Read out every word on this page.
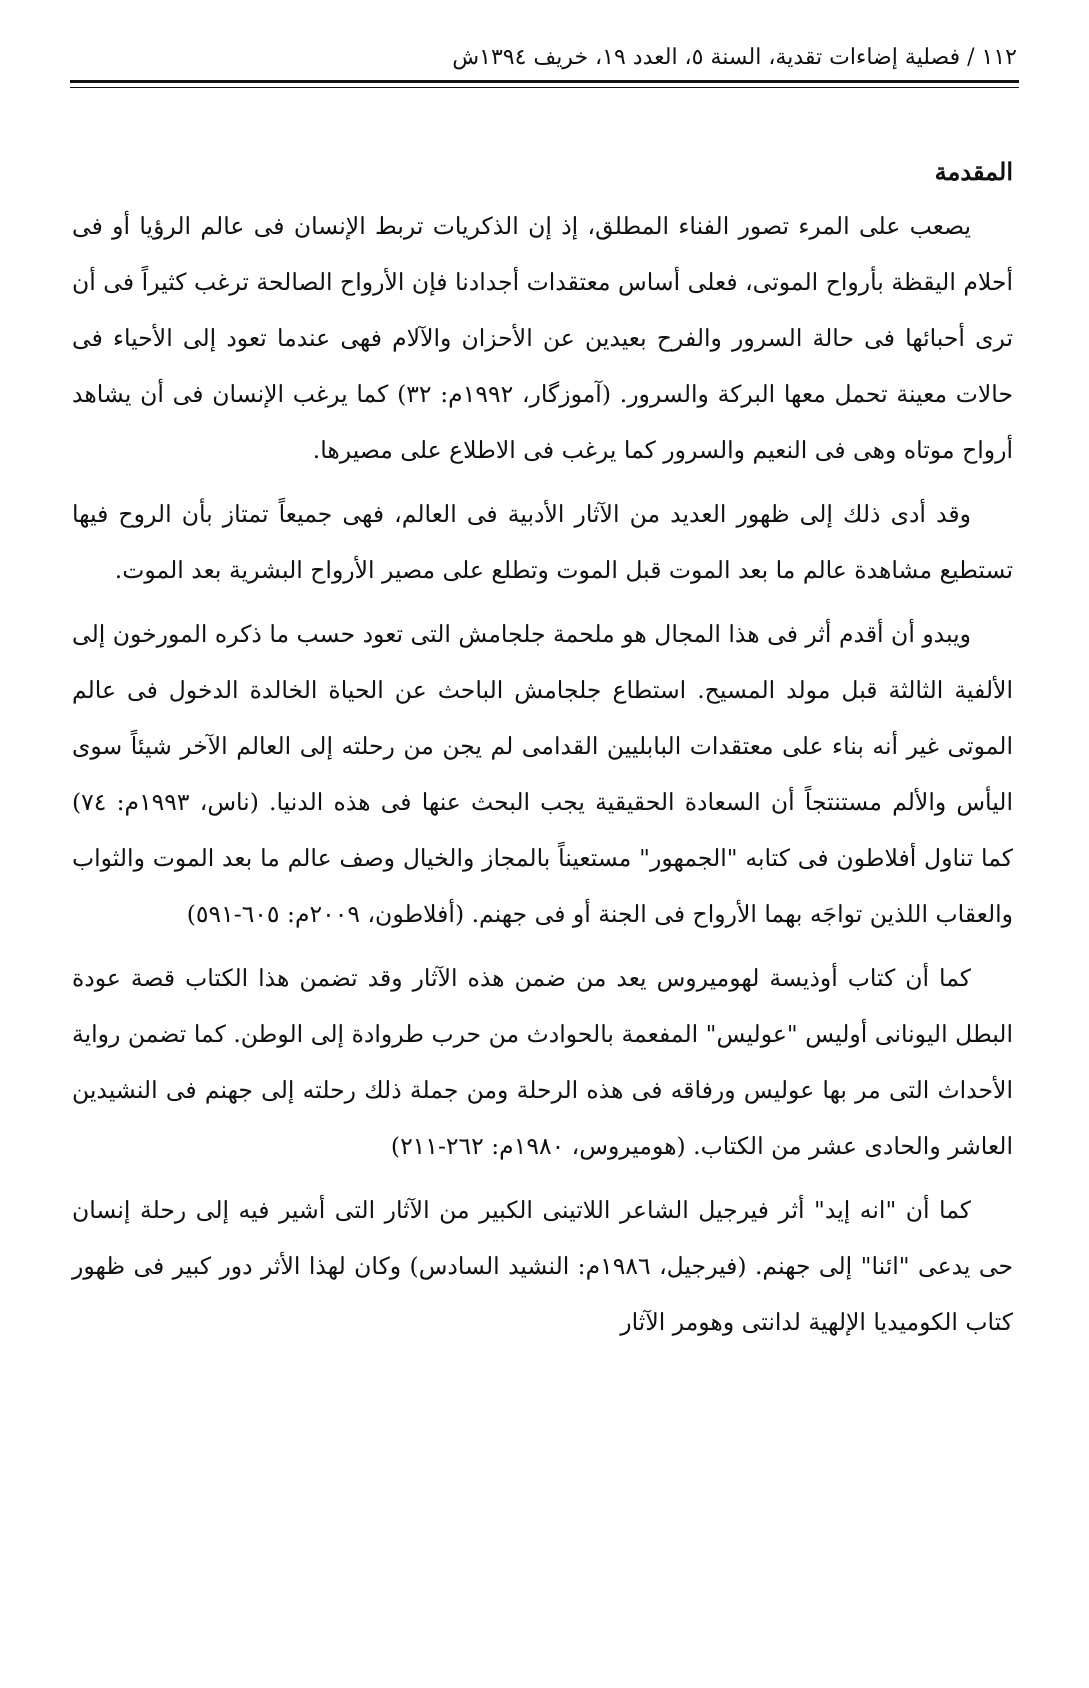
١١٢ / فصلية إضاءات تقدية، السنة ٥، العدد ١٩، خريف ١٣٩٤ش
المقدمة

يصعب على المرء تصور الفناء المطلق، إذ إن الذكريات تربط الإنسان فى عالم الرؤيا أو فى أحلام اليقظة بأرواح الموتى، فعلى أساس معتقدات أجدادنا فإن الأرواح الصالحة ترغب كثيراً فى أن ترى أحبائها فى حالة السرور والفرح بعيدين عن الأحزان والآلام فهى عندما تعود إلى الأحياء فى حالات معينة تحمل معها البركة والسرور. (آموزگار، ١٩٩٢م: ٣٢) كما يرغب الإنسان فى أن يشاهد أرواح موتاه وهى فى النعيم والسرور كما يرغب فى الاطلاع على مصيرها.

وقد أدى ذلك إلى ظهور العديد من الآثار الأدبية فى العالم، فهى جميعاً تمتاز بأن الروح فيها تستطيع مشاهدة عالم ما بعد الموت قبل الموت وتطلع على مصير الأرواح البشرية بعد الموت.

ويبدو أن أقدم أثر فى هذا المجال هو ملحمة جلجامش التى تعود حسب ما ذكره المورخون إلى الألفية الثالثة قبل مولد المسيح. استطاع جلجامش الباحث عن الحياة الخالدة الدخول فى عالم الموتى غير أنه بناء على معتقدات البابليين القدامى لم يجن من رحلته إلى العالم الآخر شيئاً سوى اليأس والألم مستنتجاً أن السعادة الحقيقية يجب البحث عنها فى هذه الدنيا. (ناس، ١٩٩٣م: ٧٤) كما تناول أفلاطون فى كتابه "الجمهور" مستعيناً بالمجاز والخيال وصف عالم ما بعد الموت والثواب والعقاب اللذين تواجَه بهما الأرواح فى الجنة أو فى جهنم. (أفلاطون، ٢٠٠٩م: ٦٠٥-٥٩١)

كما أن كتاب أوذيسة لهوميروس يعد من ضمن هذه الآثار وقد تضمن هذا الكتاب قصة عودة البطل اليونانى أوليس "عوليس" المفعمة بالحوادث من حرب طروادة إلى الوطن. كما تضمن رواية الأحداث التى مر بها عوليس ورفاقه فى هذه الرحلة ومن جملة ذلك رحلته إلى جهنم فى النشيدين العاشر والحادى عشر من الكتاب. (هوميروس، ١٩٨٠م: ٢٦٢-٢١١)

كما أن "انه إيد" أثر فيرجيل الشاعر اللاتينى الكبير من الآثار التى أشير فيه إلى رحلة إنسان حى يدعى "ائنا" إلى جهنم. (فيرجيل، ١٩٨٦م: النشيد السادس) وكان لهذا الأثر دور كبير فى ظهور كتاب الكوميديا الإلهية لدانتى وهومر الآثار
